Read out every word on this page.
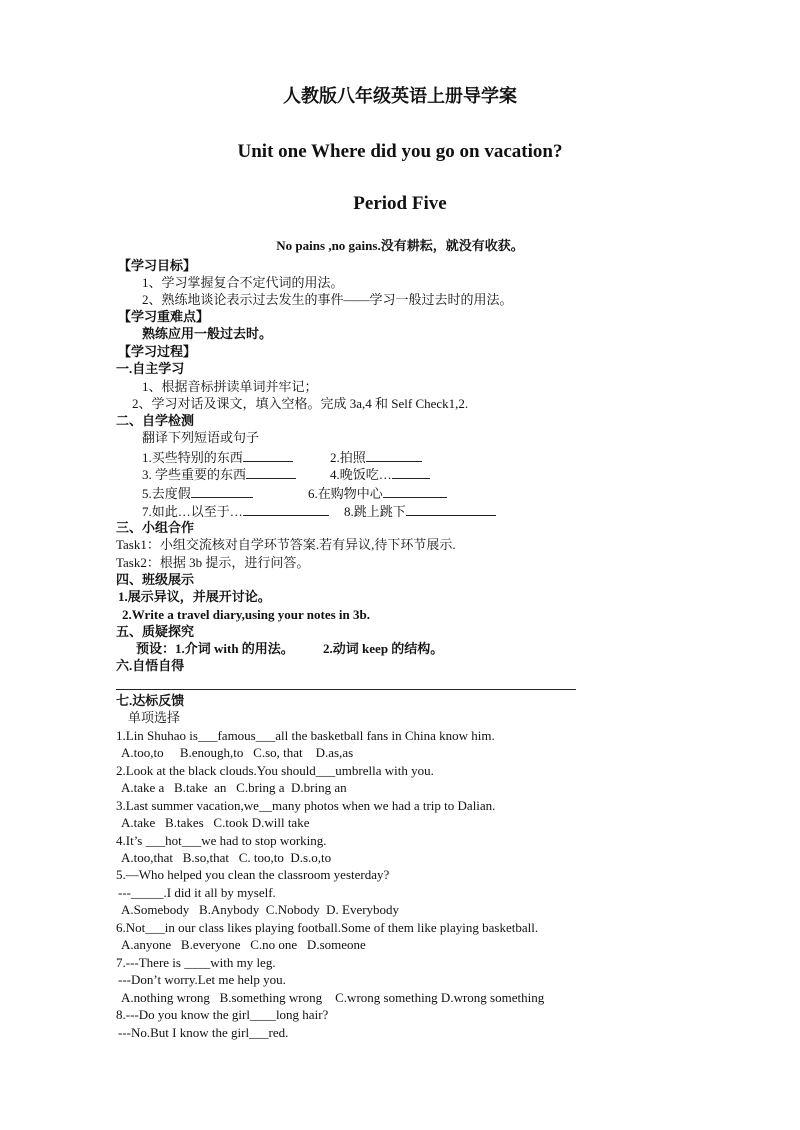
人教版八年级英语上册导学案
Unit one Where did you go on vacation?
Period Five
No pains ,no gains.没有耕耘，就没有收获。
【学习目标】
1、学习掌握复合不定代词的用法。
2、熟练地谈论表示过去发生的事件——学习一般过去时的用法。
【学习重难点】
熟练应用一般过去时。
【学习过程】
一.自主学习
1、根据音标拼读单词并牢记；
2、学习对话及课文，填入空格。完成 3a,4 和 Self Check1,2.
二、自学检测
翻译下列短语或句子
1.买些特别的东西	2.拍照
3. 学些重要的东西	4.晚饭吃…
5.去度假	6.在购物中心
7.如此…以至于…	8.跳上跳下
三、小组合作
Task1：小组交流核对自学环节答案.若有异议,待下环节展示.
Task2：根据 3b 提示，进行问答。
四、班级展示
1.展示异议，并展开讨论。
2.Write a travel diary,using your notes in 3b.
五、质疑探究
预设：1.介词 with 的用法。         2.动词 keep 的结构。
六.自悟自得
七.达标反馈
单项选择
1.Lin Shuhao is___famous___all the basketball fans in China know him.
A.too,to     B.enough,to   C.so, that    D.as,as
2.Look at the black clouds.You should___umbrella with you.
A.take a   B.take  an   C.bring a  D.bring an
3.Last summer vacation,we__many photos when we had a trip to Dalian.
A.take   B.takes   C.took D.will take
4.It’s ___hot___we had to stop working.
A.too,that   B.so,that   C. too,to  D.s.o,to
5.—Who helped you clean the classroom yesterday?
---_____.I did it all by myself.
A.Somebody   B.Anybody  C.Nobody  D. Everybody
6.Not___in our class likes playing football.Some of them like playing basketball.
A.anyone   B.everyone   C.no one   D.someone
7.---There is ____with my leg.
---Don’t worry.Let me help you.
A.nothing wrong   B.something wrong    C.wrong something D.wrong something
8.---Do you know the girl____long hair?
---No.But I know the girl___red.
